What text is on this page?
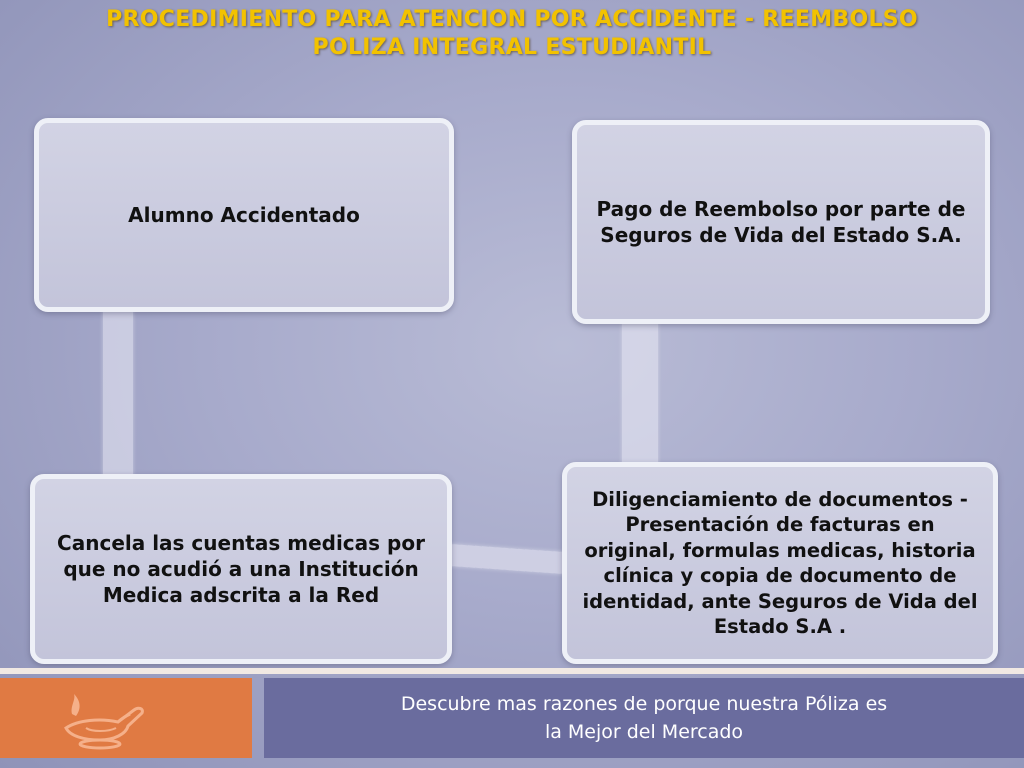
PROCEDIMIENTO PARA ATENCION POR ACCIDENTE - REEMBOLSO
POLIZA INTEGRAL ESTUDIANTIL
Alumno Accidentado	Pago de Reembolso por parte de Seguros de Vida del Estado S.A.
Cancela las cuentas medicas por que no acudió a una Institución Medica adscrita a la Red
Diligenciamiento de documentos - Presentación de facturas en original, formulas medicas, historia clínica y copia de documento de identidad, ante Seguros de Vida del Estado S.A .
Descubre mas razones de porque nuestra Póliza es
la Mejor del Mercado
